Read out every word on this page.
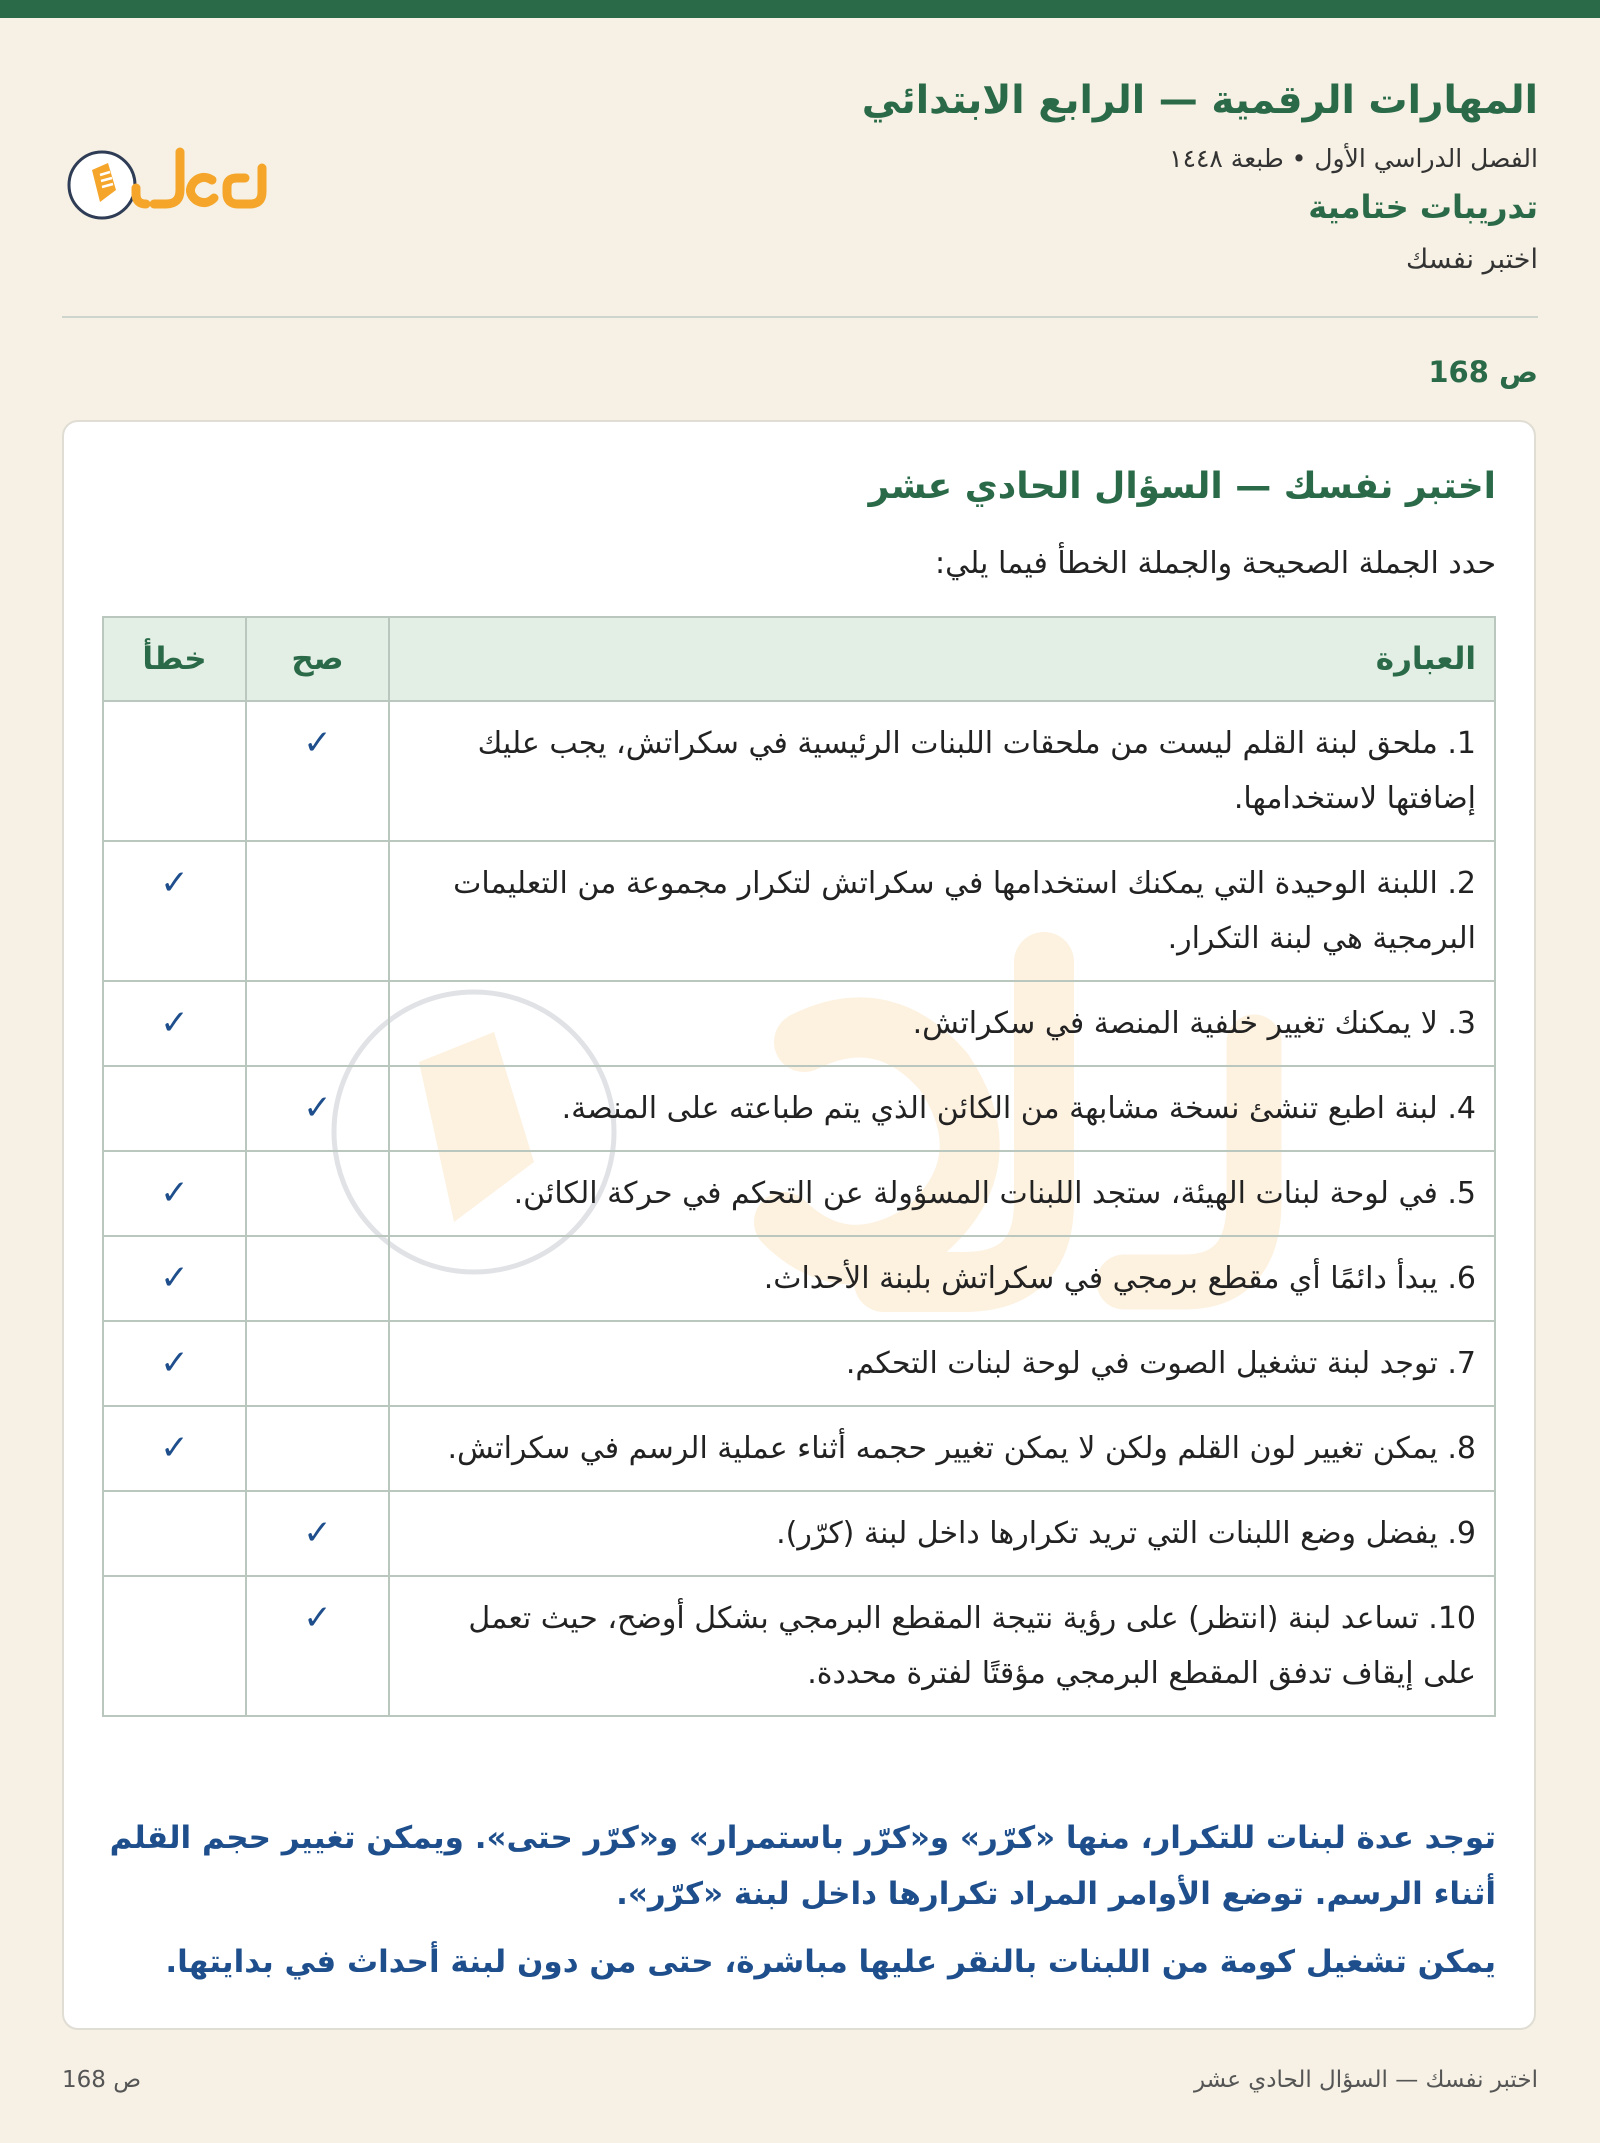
المهارات الرقمية — الرابع الابتدائي
الفصل الدراسي الأول • طبعة ١٤٤٨
تدريبات ختامية
اختبر نفسك
ص 168
اختبر نفسك — السؤال الحادي عشر
حدد الجملة الصحيحة والجملة الخطأ فيما يلي:
العبارة	صح	خطأ
1. ملحق لبنة القلم ليست من ملحقات اللبنات الرئيسية في سكراتش، يجب عليك إضافتها لاستخدامها.	✓	
2. اللبنة الوحيدة التي يمكنك استخدامها في سكراتش لتكرار مجموعة من التعليمات البرمجية هي لبنة التكرار.		✓
3. لا يمكنك تغيير خلفية المنصة في سكراتش.		✓
4. لبنة اطبع تنشئ نسخة مشابهة من الكائن الذي يتم طباعته على المنصة.	✓	
5. في لوحة لبنات الهيئة، ستجد اللبنات المسؤولة عن التحكم في حركة الكائن.		✓
6. يبدأ دائمًا أي مقطع برمجي في سكراتش بلبنة الأحداث.		✓
7. توجد لبنة تشغيل الصوت في لوحة لبنات التحكم.		✓
8. يمكن تغيير لون القلم ولكن لا يمكن تغيير حجمه أثناء عملية الرسم في سكراتش.		✓
9. يفضل وضع اللبنات التي تريد تكرارها داخل لبنة (كرّر).	✓	
10. تساعد لبنة (انتظر) على رؤية نتيجة المقطع البرمجي بشكل أوضح، حيث تعمل على إيقاف تدفق المقطع البرمجي مؤقتًا لفترة محددة.	✓	

توجد عدة لبنات للتكرار، منها «كرّر» و«كرّر باستمرار» و«كرّر حتى». ويمكن تغيير حجم القلم أثناء الرسم. توضع الأوامر المراد تكرارها داخل لبنة «كرّر».

يمكن تشغيل كومة من اللبنات بالنقر عليها مباشرة، حتى من دون لبنة أحداث في بدايتها.

اختبر نفسك — السؤال الحادي عشر
ص 168
